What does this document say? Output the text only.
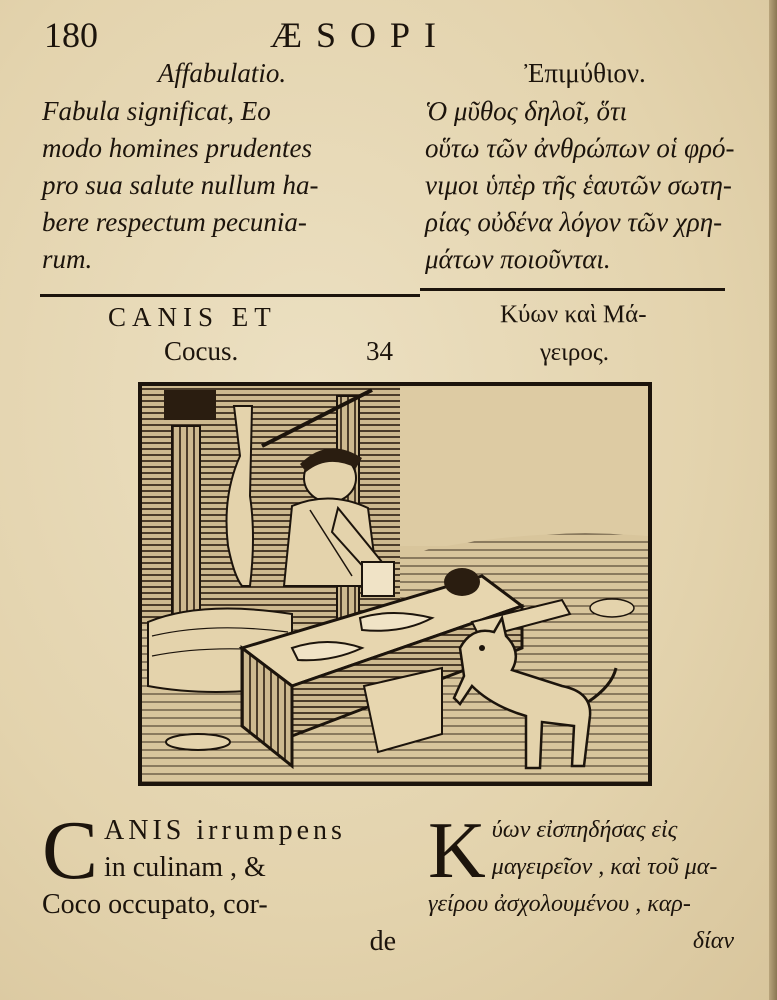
180	ÆSOPI

Affabulatio.

Fabula significat, Eo

modo homines prudentes

pro sua salute nullum ha-

bere respectum pecunia-

rum.

Ἐπιμύθιον.

Ὁ μῦθος δηλοῖ, ὅτι

οὕτω τῶν ἀνθρώπων οἱ φρό-

νιμοι ὑπὲρ τῆς ἑαυτῶν σωτη-

ρίας οὐδένα λόγον τῶν χρη-

μάτων ποιοῦνται.

CANIS ET
Cocus.	34
Κύων καὶ Μά-
γειρος.
C ANIS irrumpens

in culinam , &

Coco occupato, cor-

de

K ύων εἰσπηδήσας εἰς

μαγειρεῖον , καὶ τοῦ μα-

γείρου ἀσχολουμένου , καρ-

δίαν
